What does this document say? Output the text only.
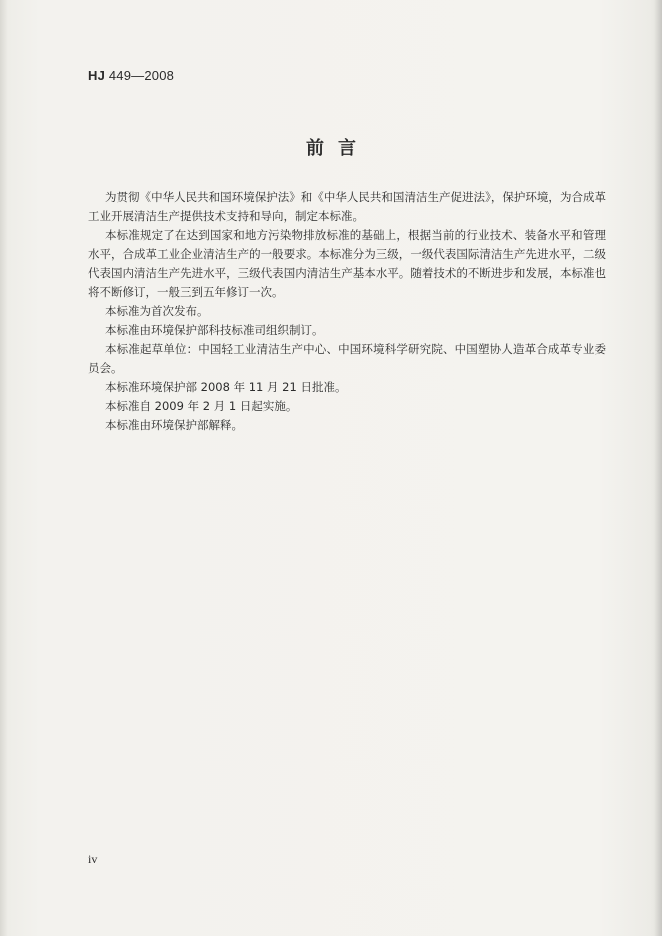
HJ 449—2008
前言

为贯彻《中华人民共和国环境保护法》和《中华人民共和国清洁生产促进法》，保护环境，为合成革工业开展清洁生产提供技术支持和导向，制定本标准。

本标准规定了在达到国家和地方污染物排放标准的基础上，根据当前的行业技术、装备水平和管理水平，合成革工业企业清洁生产的一般要求。本标准分为三级，一级代表国际清洁生产先进水平，二级代表国内清洁生产先进水平，三级代表国内清洁生产基本水平。随着技术的不断进步和发展，本标准也将不断修订，一般三到五年修订一次。

本标准为首次发布。

本标准由环境保护部科技标准司组织制订。

本标准起草单位：中国轻工业清洁生产中心、中国环境科学研究院、中国塑协人造革合成革专业委员会。

本标准环境保护部 2008 年 11 月 21 日批准。

本标准自 2009 年 2 月 1 日起实施。

本标准由环境保护部解释。

iv
